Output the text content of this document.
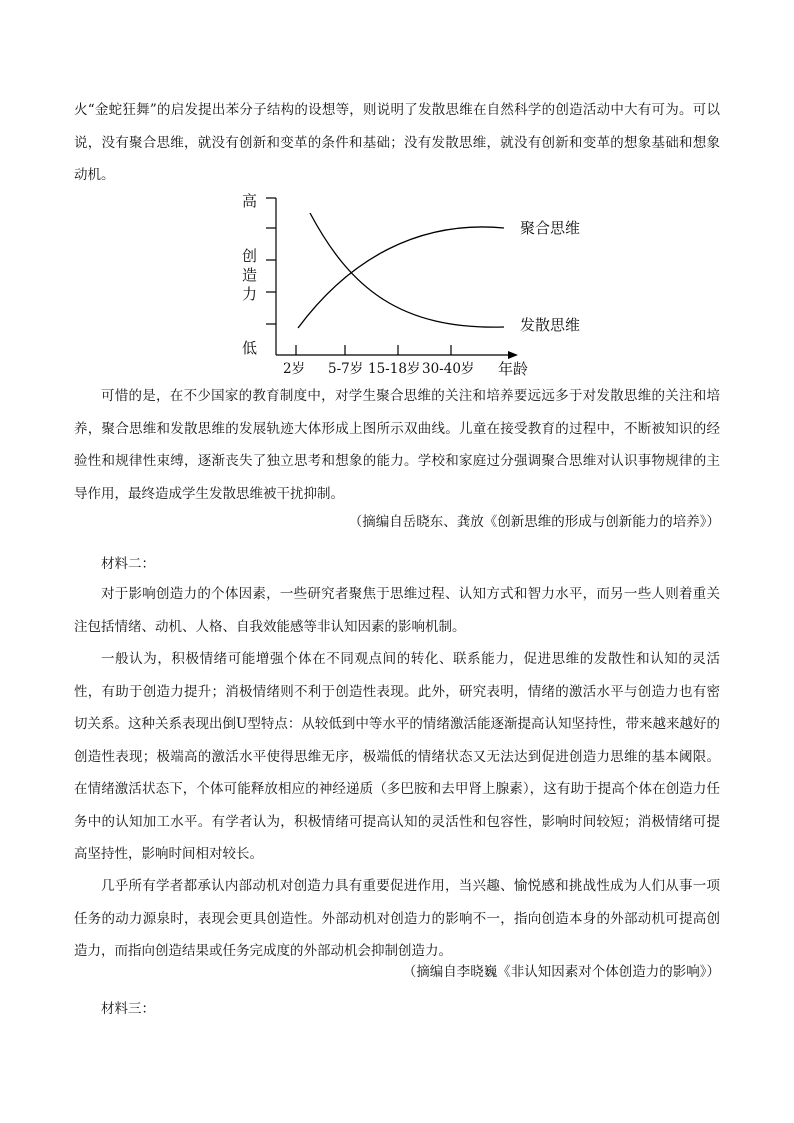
火“金蛇狂舞”的启发提出苯分子结构的设想等，则说明了发散思维在自然科学的创造活动中大有可为。可以说，没有聚合思维，就没有创新和变革的条件和基础；没有发散思维，就没有创新和变革的想象基础和想象动机。

高
创 造 力
低
2岁 5-7岁 15-18岁 30-40岁 年龄
聚合思维
发散思维

可惜的是，在不少国家的教育制度中，对学生聚合思维的关注和培养要远远多于对发散思维的关注和培养，聚合思维和发散思维的发展轨迹大体形成上图所示双曲线。儿童在接受教育的过程中，不断被知识的经验性和规律性束缚，逐渐丧失了独立思考和想象的能力。学校和家庭过分强调聚合思维对认识事物规律的主导作用，最终造成学生发散思维被干扰抑制。

（摘编自岳晓东、龚放《创新思维的形成与创新能力的培养》）

材料二：

对于影响创造力的个体因素，一些研究者聚焦于思维过程、认知方式和智力水平，而另一些人则着重关注包括情绪、动机、人格、自我效能感等非认知因素的影响机制。

一般认为，积极情绪可能增强个体在不同观点间的转化、联系能力，促进思维的发散性和认知的灵活性，有助于创造力提升；消极情绪则不利于创造性表现。此外，研究表明，情绪的激活水平与创造力也有密切关系。这种关系表现出倒U型特点：从较低到中等水平的情绪激活能逐渐提高认知坚持性，带来越来越好的创造性表现；极端高的激活水平使得思维无序，极端低的情绪状态又无法达到促进创造力思维的基本阈限。在情绪激活状态下，个体可能释放相应的神经递质（多巴胺和去甲肾上腺素），这有助于提高个体在创造力任务中的认知加工水平。有学者认为，积极情绪可提高认知的灵活性和包容性，影响时间较短；消极情绪可提高坚持性，影响时间相对较长。

几乎所有学者都承认内部动机对创造力具有重要促进作用，当兴趣、愉悦感和挑战性成为人们从事一项任务的动力源泉时，表现会更具创造性。外部动机对创造力的影响不一，指向创造本身的外部动机可提高创造力，而指向创造结果或任务完成度的外部动机会抑制创造力。

（摘编自李晓巍《非认知因素对个体创造力的影响》）

材料三：
